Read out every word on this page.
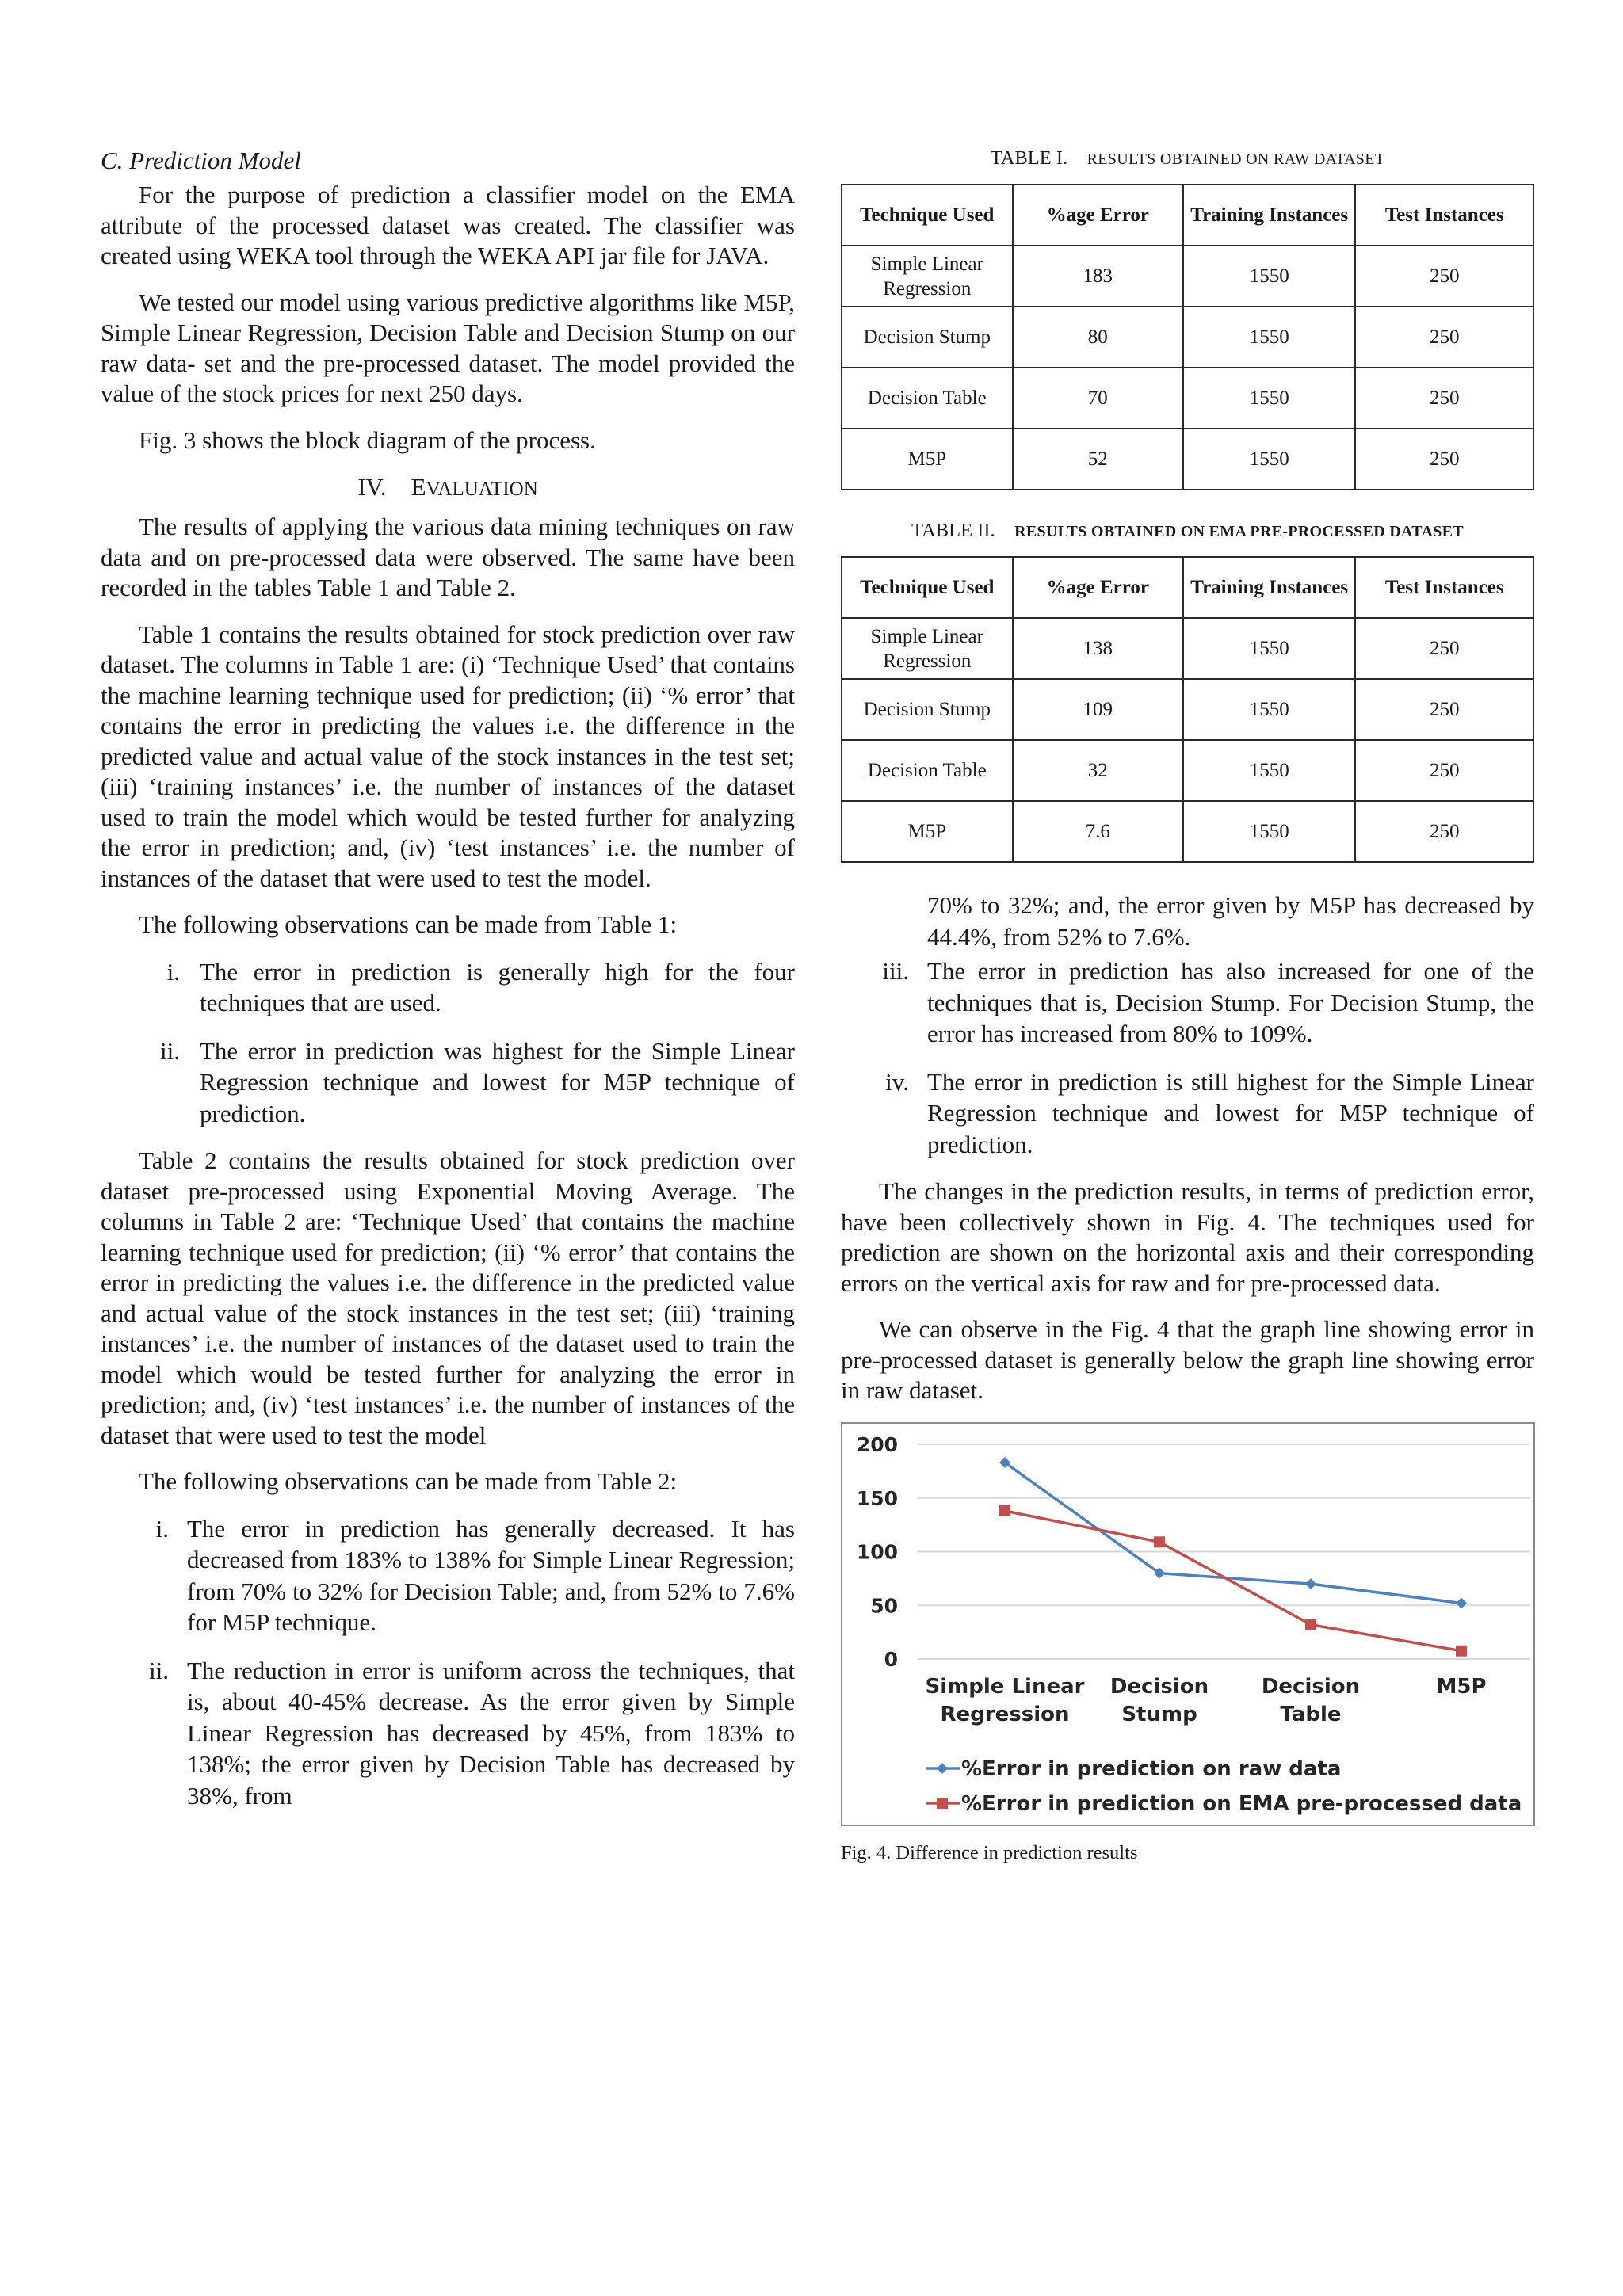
C. Prediction Model

For the purpose of prediction a classifier model on the EMA attribute of the processed dataset was created. The classifier was created using WEKA tool through the WEKA API jar file for JAVA.

We tested our model using various predictive algorithms like M5P, Simple Linear Regression, Decision Table and Decision Stump on our raw data- set and the pre-processed dataset. The model provided the value of the stock prices for next 250 days.

Fig. 3 shows the block diagram of the process.

IV. EVALUATION

The results of applying the various data mining techniques on raw data and on pre-processed data were observed. The same have been recorded in the tables Table 1 and Table 2.

Table 1 contains the results obtained for stock prediction over raw dataset. The columns in Table 1 are: (i) ‘Technique Used’ that contains the machine learning technique used for prediction; (ii) ‘% error’ that contains the error in predicting the values i.e. the difference in the predicted value and actual value of the stock instances in the test set; (iii) ‘training instances’ i.e. the number of instances of the dataset used to train the model which would be tested further for analyzing the error in prediction; and, (iv) ‘test instances’ i.e. the number of instances of the dataset that were used to test the model.

The following observations can be made from Table 1:

i. The error in prediction is generally high for the four techniques that are used.
ii. The error in prediction was highest for the Simple Linear Regression technique and lowest for M5P technique of prediction.

Table 2 contains the results obtained for stock prediction over dataset pre-processed using Exponential Moving Average. The columns in Table 2 are: ‘Technique Used’ that contains the machine learning technique used for prediction; (ii) ‘% error’ that contains the error in predicting the values i.e. the difference in the predicted value and actual value of the stock instances in the test set; (iii) ‘training instances’ i.e. the number of instances of the dataset used to train the model which would be tested further for analyzing the error in prediction; and, (iv) ‘test instances’ i.e. the number of instances of the dataset that were used to test the model

The following observations can be made from Table 2:

i. The error in prediction has generally decreased. It has decreased from 183% to 138% for Simple Linear Regression; from 70% to 32% for Decision Table; and, from 52% to 7.6% for M5P technique.
ii. The reduction in error is uniform across the techniques, that is, about 40-45% decrease. As the error given by Simple Linear Regression has decreased by 45%, from 183% to 138%; the error given by Decision Table has decreased by 38%, from
TABLE I. RESULTS OBTAINED ON RAW DATASET
Technique Used	%age Error	Training Instances	Test Instances
Simple Linear Regression	183	1550	250
Decision Stump	80	1550	250
Decision Table	70	1550	250
M5P	52	1550	250
TABLE II. RESULTS OBTAINED ON EMA PRE-PROCESSED DATASET
Technique Used	%age Error	Training Instances	Test Instances
Simple Linear Regression	138	1550	250
Decision Stump	109	1550	250
Decision Table	32	1550	250
M5P	7.6	1550	250
70% to 32%; and, the error given by M5P has decreased by 44.4%, from 52% to 7.6%.
iii. The error in prediction has also increased for one of the techniques that is, Decision Stump. For Decision Stump, the error has increased from 80% to 109%.
iv. The error in prediction is still highest for the Simple Linear Regression technique and lowest for M5P technique of prediction.

The changes in the prediction results, in terms of prediction error, have been collectively shown in Fig. 4. The techniques used for prediction are shown on the horizontal axis and their corresponding errors on the vertical axis for raw and for pre-processed data.

We can observe in the Fig. 4 that the graph line showing error in pre-processed dataset is generally below the graph line showing error in raw dataset.

0
50
100
150
200
Simple Linear
Regression
Decision
Stump
Decision
Table
M5P
%Error in prediction on raw data
%Error in prediction on EMA pre-processed data
Fig. 4. Difference in prediction results
